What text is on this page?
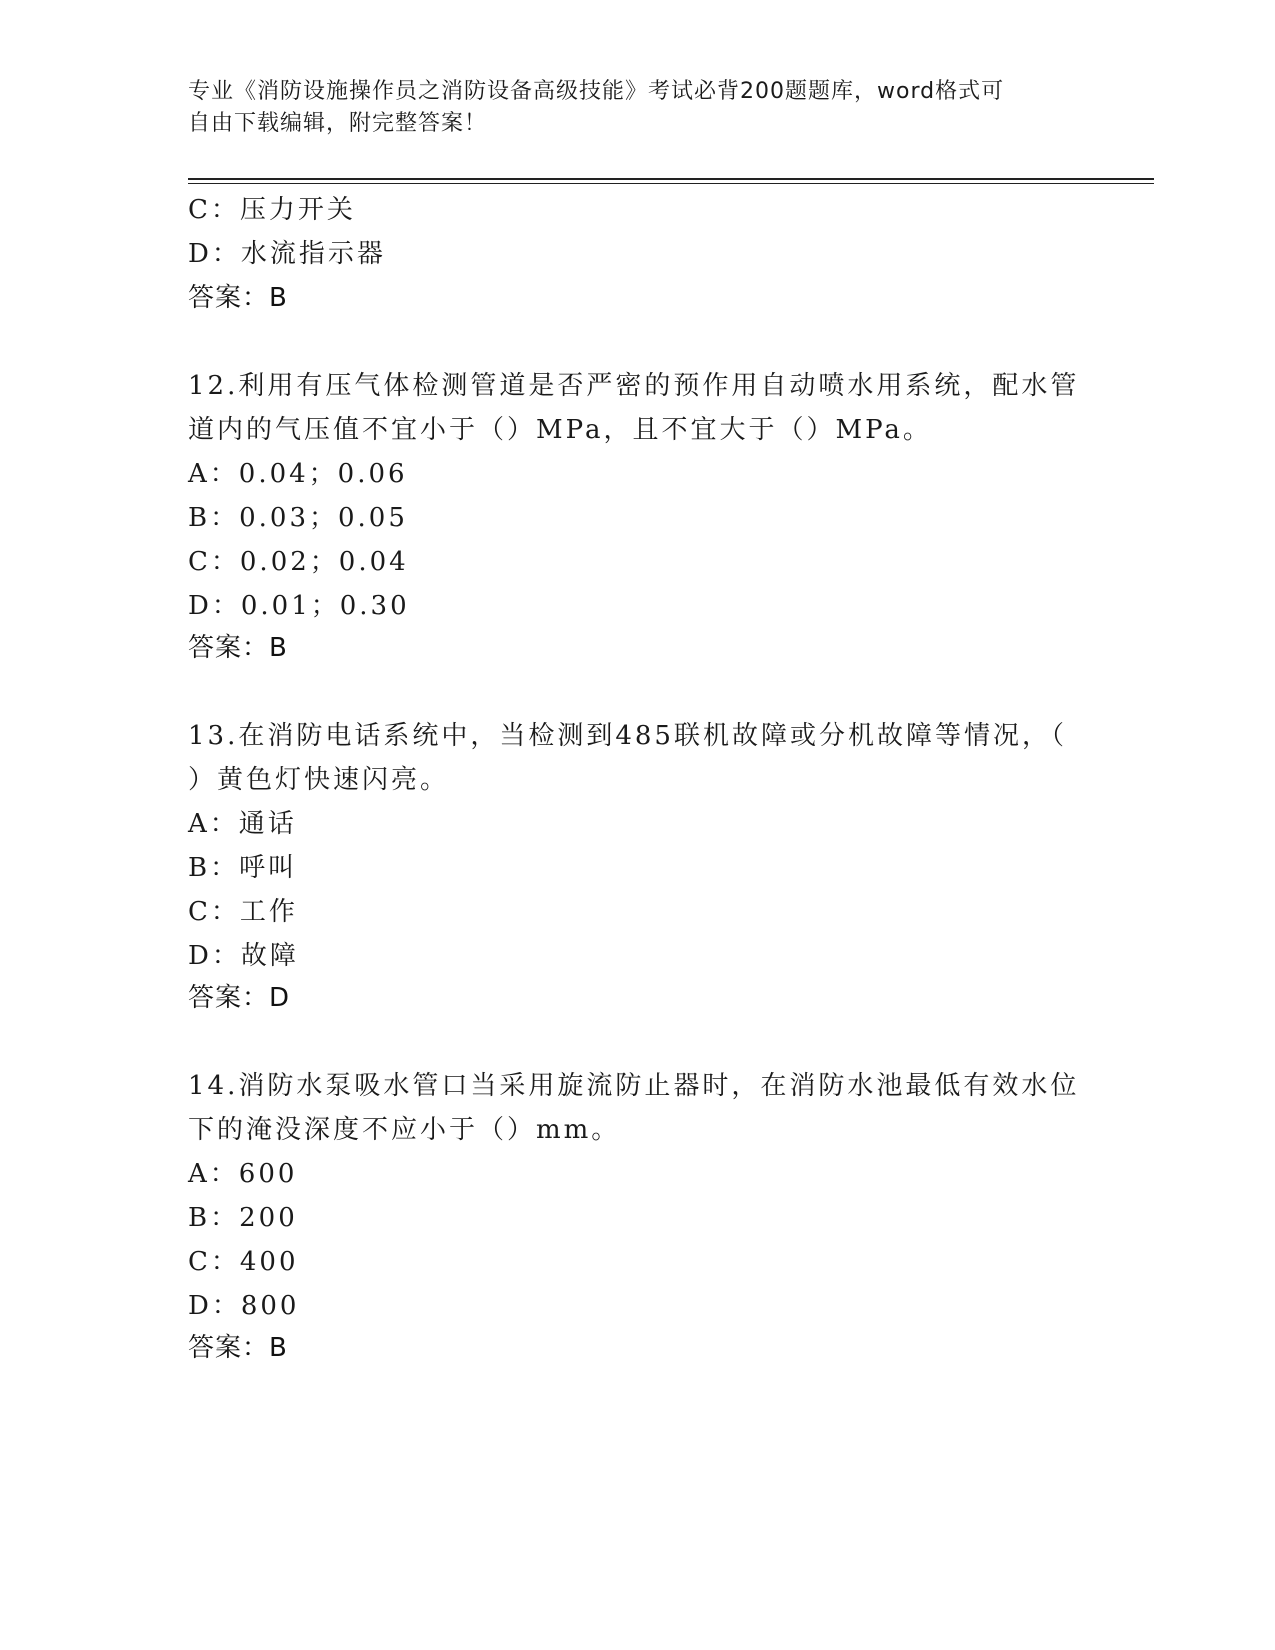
专业《消防设施操作员之消防设备高级技能》考试必背200题题库，word格式可
自由下载编辑，附完整答案！
C：压力开关
D：水流指示器
答案：B
12.利用有压气体检测管道是否严密的预作用自动喷水用系统，配水管
道内的气压值不宜小于（）MPa，且不宜大于（）MPa。
A：0.04；0.06
B：0.03；0.05
C：0.02；0.04
D：0.01；0.30
答案：B
13.在消防电话系统中，当检测到485联机故障或分机故障等情况，（
）黄色灯快速闪亮。
A：通话
B：呼叫
C：工作
D：故障
答案：D
14.消防水泵吸水管口当采用旋流防止器时，在消防水池最低有效水位
下的淹没深度不应小于（）mm。
A：600
B：200
C：400
D：800
答案：B
